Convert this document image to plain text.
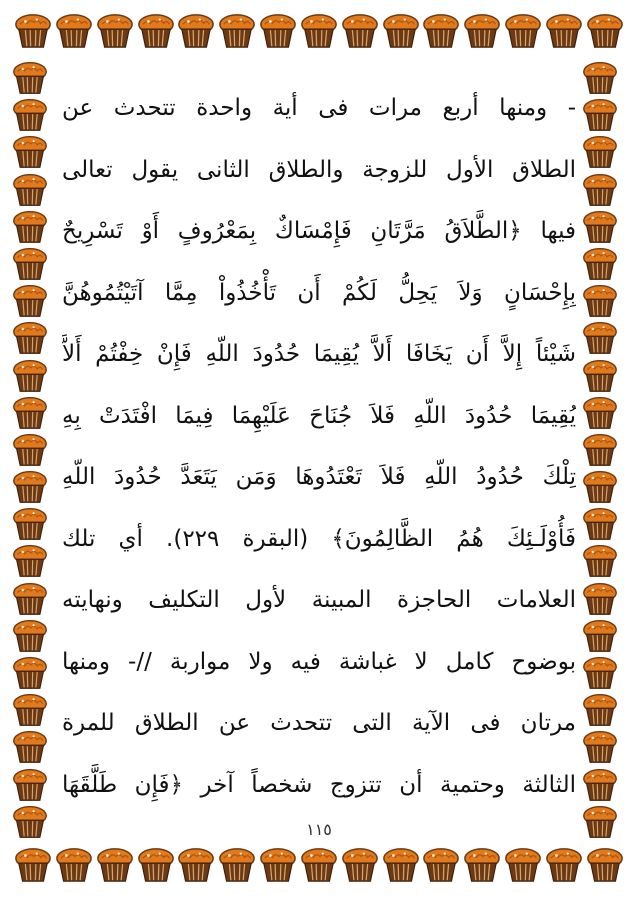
- ومنها أربع مرات فى أية واحدة تتحدث عن
الطلاق الأول للزوجة والطلاق الثانى يقول تعالى
فيها ﴿الطَّلاَقُ مَرَّتَانِ فَإِمْسَاكٌ بِمَعْرُوفٍ أَوْ تَسْرِيحٌ
بِإِحْسَانٍ وَلاَ يَحِلُّ لَكُمْ أَن تَأْخُذُواْ مِمَّا آتَيْتُمُوهُنَّ
شَيْئاً إِلاَّ أَن يَخَافَا أَلاَّ يُقِيمَا حُدُودَ اللّهِ فَإِنْ خِفْتُمْ أَلاَّ
يُقِيمَا حُدُودَ اللّهِ فَلاَ جُنَاحَ عَلَيْهِمَا فِيمَا افْتَدَتْ بِهِ
تِلْكَ حُدُودُ اللّهِ فَلاَ تَعْتَدُوهَا وَمَن يَتَعَدَّ حُدُودَ اللّهِ
فَأُوْلَـئِكَ هُمُ الظَّالِمُونَ﴾ (البقرة ٢٢٩). أي تلك
العلامات الحاجزة المبينة لأول التكليف ونهايته
بوضوح كامل لا غباشة فيه ولا مواربة //- ومنها
مرتان فى الآية التى تتحدث عن الطلاق للمرة
الثالثة وحتمية أن تتزوج شخصاً آخر ﴿فَإِن طَلَّقَهَا
١١٥
